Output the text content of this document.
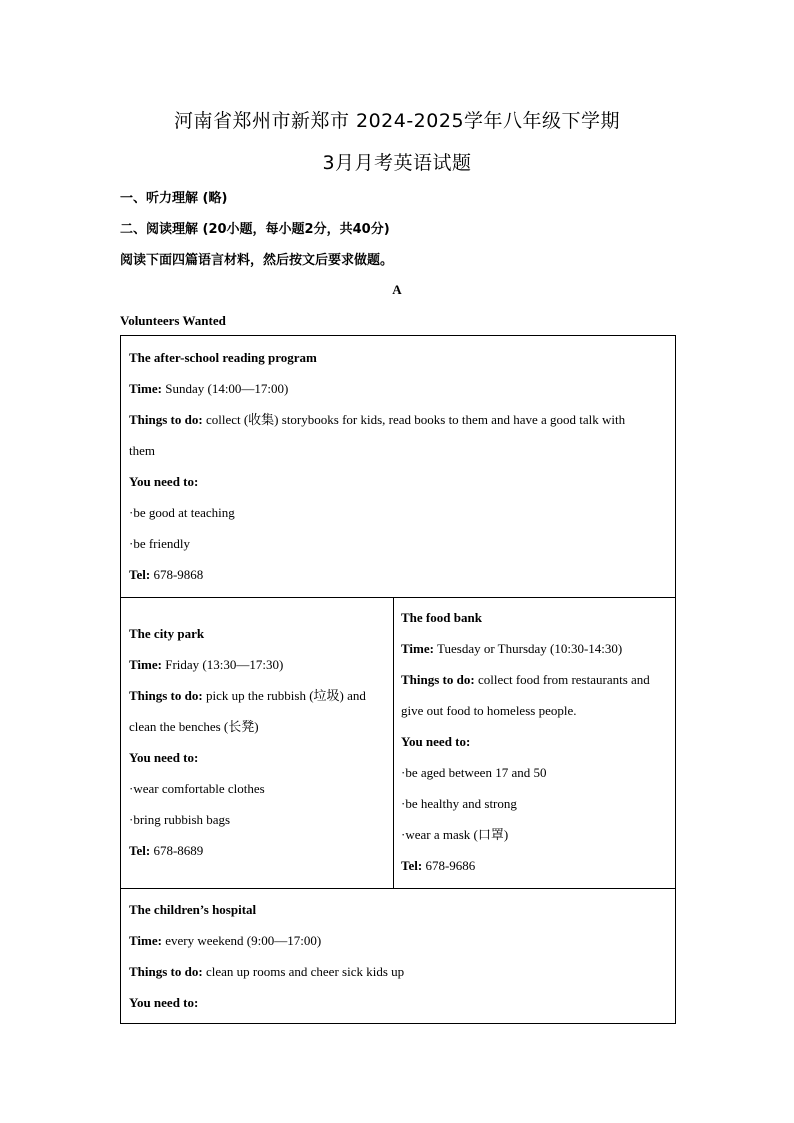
河南省郑州市新郑市 2024-2025学年八年级下学期
3月月考英语试题
一、听力理解 (略)
二、阅读理解 (20小题，每小题2分，共40分)
阅读下面四篇语言材料，然后按文后要求做题。
A
Volunteers Wanted

The after-school reading program

Time: Sunday (14:00—17:00)

Things to do: collect (收集) storybooks for kids, read books to them and have a good talk with

them

You need to:

·be good at teaching

·be friendly

Tel: 678-9868

The city park

Time: Friday (13:30—17:30)

Things to do: pick up the rubbish (垃圾) and

clean the benches (长凳)

You need to:

·wear comfortable clothes

·bring rubbish bags

Tel: 678-8689

The food bank

Time: Tuesday or Thursday (10:30-14:30)

Things to do: collect food from restaurants and

give out food to homeless people.

You need to:

·be aged between 17 and 50

·be healthy and strong

·wear a mask (口罩)

Tel: 678-9686

The children’s hospital

Time: every weekend (9:00—17:00)

Things to do: clean up rooms and cheer sick kids up

You need to:
